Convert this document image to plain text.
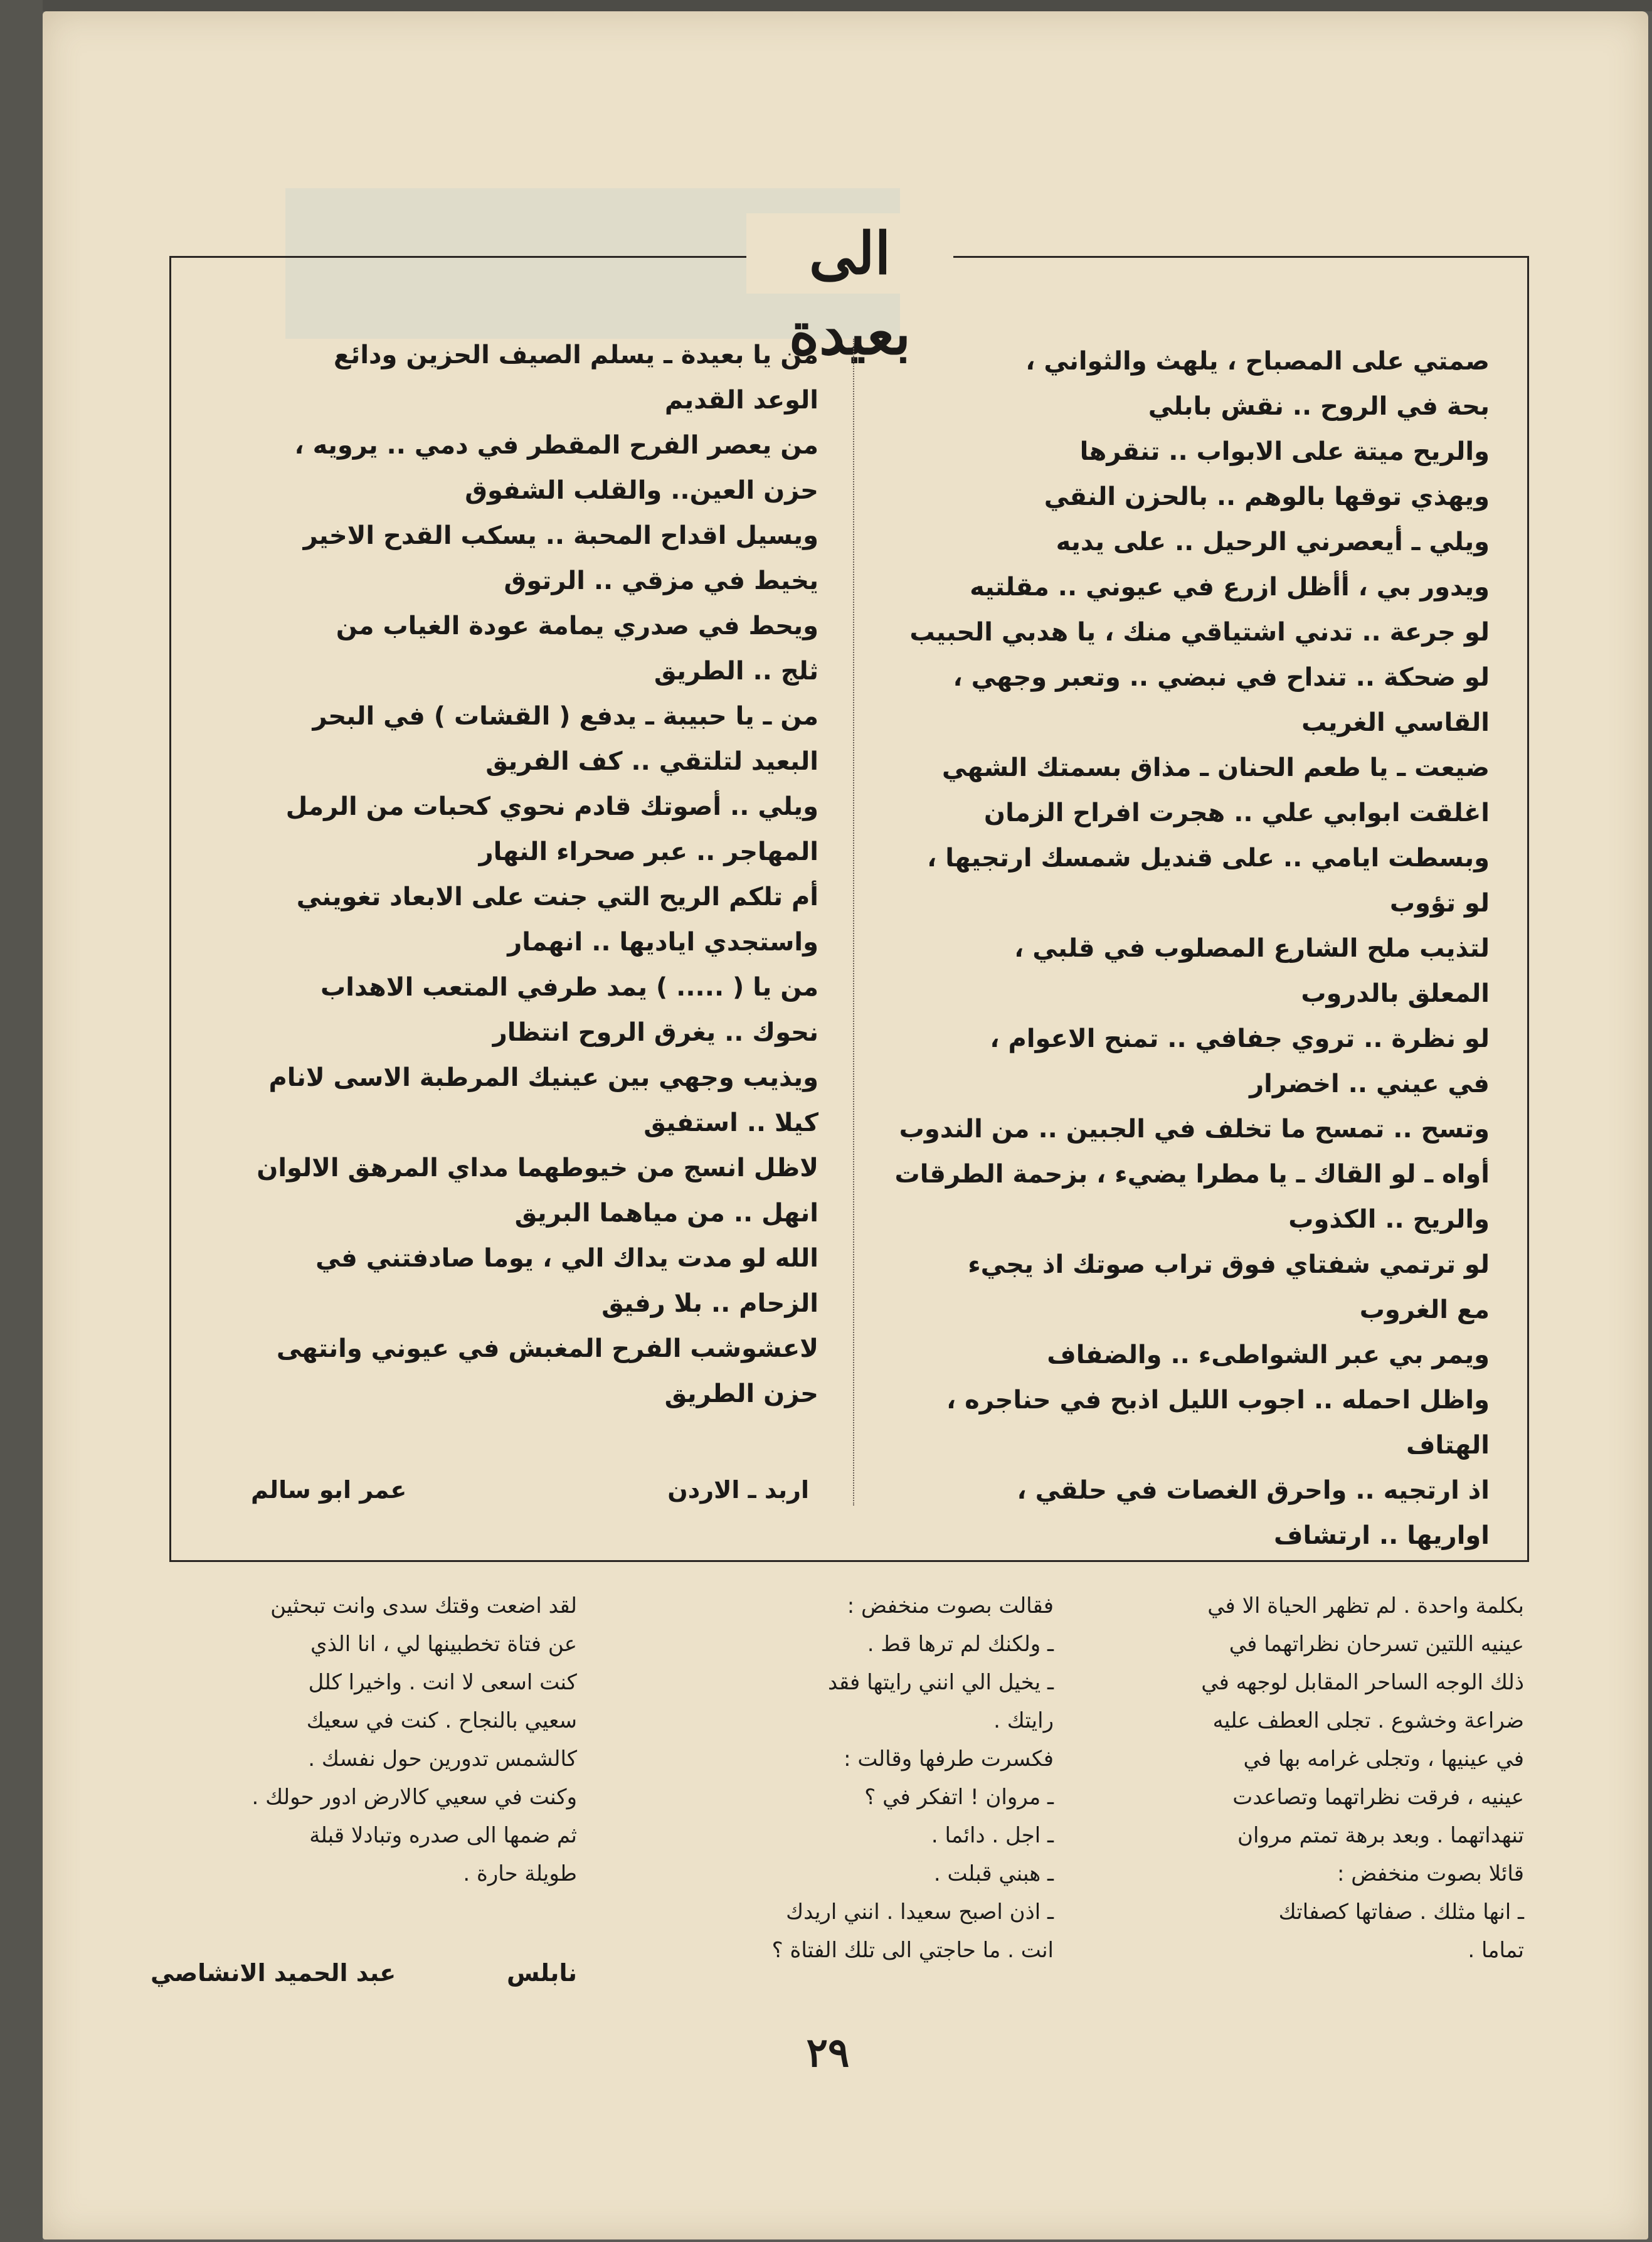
الى بعيدة	صمتي على المصباح ، يلهث والثواني ،
بحة في الروح .. نقش بابلي
والريح ميتة على الابواب .. تنقرها
ويهذي توقها بالوهم .. بالحزن النقي
ويلي ـ أيعصرني الرحيل .. على يديه
ويدور بي ، أأظل ازرع في عيوني .. مقلتيه
لو جرعة .. تدني اشتياقي منك ، يا هدبي الحبيب
لو ضحكة .. تنداح في نبضي .. وتعبر وجهي ،
القاسي الغريب
ضيعت ـ يا طعم الحنان ـ مذاق بسمتك الشهي
اغلقت ابوابي علي .. هجرت افراح الزمان
وبسطت ايامي .. على قنديل شمسك ارتجيها ،
لو تؤوب
لتذيب ملح الشارع المصلوب في قلبي ،
المعلق بالدروب
لو نظرة .. تروي جفافي .. تمنح الاعوام ،
في عيني .. اخضرار
وتسح .. تمسح ما تخلف في الجبين .. من الندوب
أواه ـ لو القاك ـ يا مطرا يضيء ، بزحمة الطرقات
والريح .. الكذوب
لو ترتمي شفتاي فوق تراب صوتك اذ يجيء
مع الغروب
ويمر بي عبر الشواطىء .. والضفاف
واظل احمله .. اجوب الليل اذبح في حناجره ،
الهتاف
اذ ارتجيه .. واحرق الغصات في حلقي ،
اواريها .. ارتشاف
من يا بعيدة ـ يسلم الصيف الحزين ودائع
الوعد القديم
من يعصر الفرح المقطر في دمي .. يرويه ،
حزن العين.. والقلب الشفوق
ويسيل اقداح المحبة .. يسكب القدح الاخير
يخيط في مزقي .. الرتوق
ويحط في صدري يمامة عودة الغياب من
ثلج .. الطريق
من ـ يا حبيبة ـ يدفع ( القشات ) في البحر
البعيد لتلتقي .. كف الفريق
ويلي .. أصوتك قادم نحوي كحبات من الرمل
المهاجر .. عبر صحراء النهار
أم تلكم الريح التي جنت على الابعاد تغويني
واستجدي اياديها .. انهمار
من يا ( ..... ) يمد طرفي المتعب الاهداب
نحوك .. يغرق الروح انتظار
ويذيب وجهي بين عينيك المرطبة الاسى لانام
كيلا .. استفيق
لاظل انسج من خيوطهما مداي المرهق الالوان
انهل .. من مياهما البريق
الله لو مدت يداك الي ، يوما صادفتني في
الزحام .. بلا رفيق
لاعشوشب الفرح المغبش في عيوني وانتهى
حزن الطريق
اربد ـ الاردن
عمر ابو سالم
بكلمة واحدة . لم تظهر الحياة الا في
عينيه اللتين تسرحان نظراتهما في
ذلك الوجه الساحر المقابل لوجهه في
ضراعة وخشوع . تجلى العطف عليه
في عينيها ، وتجلى غرامه بها في
عينيه ، فرقت نظراتهما وتصاعدت
تنهداتهما . وبعد برهة تمتم مروان
قائلا بصوت منخفض :
ـ انها مثلك . صفاتها كصفاتك
تماما .
فقالت بصوت منخفض :
ـ ولكنك لم ترها قط .
ـ يخيل الي انني رايتها فقد
رايتك .
فكسرت طرفها وقالت :
ـ مروان ! اتفكر في ؟
ـ اجل . دائما .
ـ هبني قبلت .
ـ اذن اصبح سعيدا . انني اريدك
انت . ما حاجتي الى تلك الفتاة ؟
لقد اضعت وقتك سدى وانت تبحثين
عن فتاة تخطبينها لي ، انا الذي
كنت اسعى لا انت . واخيرا كلل
سعيي بالنجاح . كنت في سعيك
كالشمس تدورين حول نفسك .
وكنت في سعيي كالارض ادور حولك .
ثم ضمها الى صدره وتبادلا قبلة
طويلة حارة .
نابلس
عبد الحميد الانشاصي
٢٩
